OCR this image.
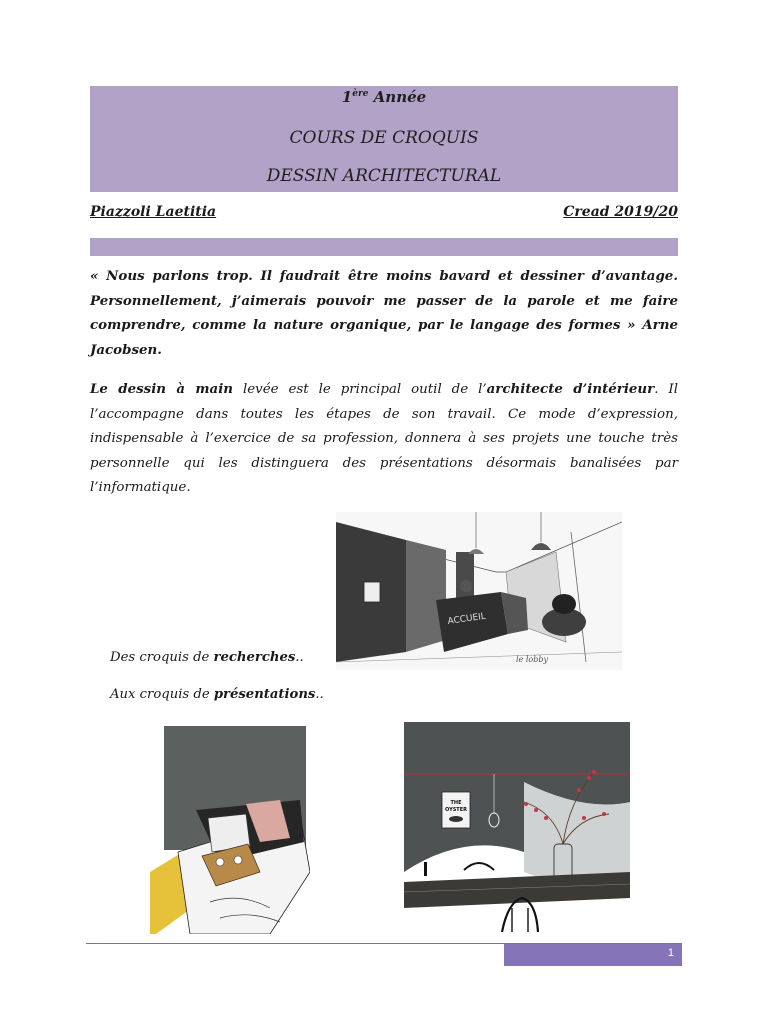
1ère Année
COURS DE CROQUIS
DESSIN ARCHITECTURAL
Piazzoli Laetitia	Cread 2019/20
« Nous parlons trop. Il faudrait être moins bavard et dessiner d’avantage. Personnellement, j’aimerais pouvoir me passer de la parole et me faire comprendre, comme la nature organique, par le langage des formes » Arne Jacobsen.
Le dessin à main levée est le principal outil de l’architecte d’intérieur. Il l’accompagne dans toutes les étapes de son travail. Ce mode d’expression, indispensable à l’exercice de sa profession, donnera à ses projets une touche très personnelle qui les distinguera des présentations désormais banalisées par l’informatique.
ACCUEIL
le lobby
Des croquis de recherches..
Aux croquis de présentations..
THE
OYSTER
1
